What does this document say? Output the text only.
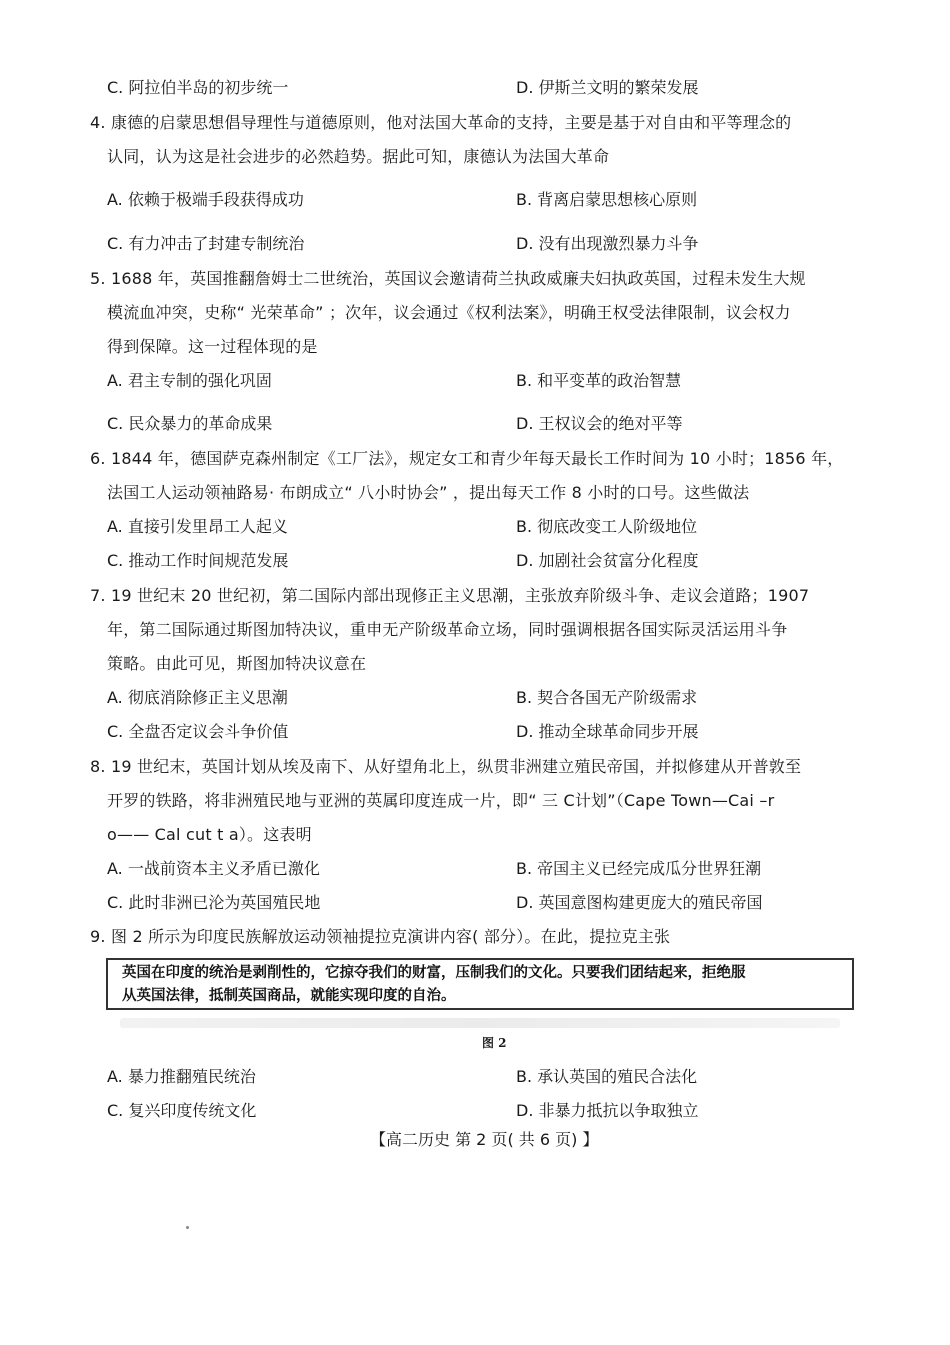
C. 阿拉伯半岛的初步统一	D. 伊斯兰文明的繁荣发展
4. 康德的启蒙思想倡导理性与道德原则，他对法国大革命的支持，主要是基于对自由和平等理念的
认同，认为这是社会进步的必然趋势。据此可知，康德认为法国大革命
A. 依赖于极端手段获得成功	B. 背离启蒙思想核心原则
C. 有力冲击了封建专制统治	D. 没有出现激烈暴力斗争
5. 1688 年，英国推翻詹姆士二世统治，英国议会邀请荷兰执政威廉夫妇执政英国，过程未发生大规
模流血冲突，史称“ 光荣革命” ；次年，议会通过《权利法案》，明确王权受法律限制，议会权力
得到保障。这一过程体现的是
A. 君主专制的强化巩固	B. 和平变革的政治智慧
C. 民众暴力的革命成果	D. 王权议会的绝对平等
6. 1844 年，德国萨克森州制定《工厂法》，规定女工和青少年每天最长工作时间为 10 小时；1856 年，
法国工人运动领袖路易· 布朗成立“ 八小时协会” ，提出每天工作 8 小时的口号。这些做法
A. 直接引发里昂工人起义	B. 彻底改变工人阶级地位
C. 推动工作时间规范发展	D. 加剧社会贫富分化程度
7. 19 世纪末 20 世纪初，第二国际内部出现修正主义思潮，主张放弃阶级斗争、走议会道路；1907
年，第二国际通过斯图加特决议，重申无产阶级革命立场，同时强调根据各国实际灵活运用斗争
策略。由此可见，斯图加特决议意在
A. 彻底消除修正主义思潮	B. 契合各国无产阶级需求
C. 全盘否定议会斗争价值	D. 推动全球革命同步开展
8. 19 世纪末，英国计划从埃及南下、从好望角北上，纵贯非洲建立殖民帝国，并拟修建从开普敦至
开罗的铁路，将非洲殖民地与亚洲的英属印度连成一片，即“ 三 C计划”（Cape Town—Cai –r
o—— Cal cut t a）。这表明
A. 一战前资本主义矛盾已激化	B. 帝国主义已经完成瓜分世界狂潮
C. 此时非洲已沦为英国殖民地	D. 英国意图构建更庞大的殖民帝国
9. 图 2 所示为印度民族解放运动领袖提拉克演讲内容( 部分）。在此，提拉克主张
英国在印度的统治是剥削性的，它掠夺我们的财富，压制我们的文化。只要我们团结起来，拒绝服
从英国法律，抵制英国商品，就能实现印度的自治。
图 2
A. 暴力推翻殖民统治	B. 承认英国的殖民合法化
C. 复兴印度传统文化	D. 非暴力抵抗以争取独立
【高二历史 第 2 页( 共 6 页) 】
